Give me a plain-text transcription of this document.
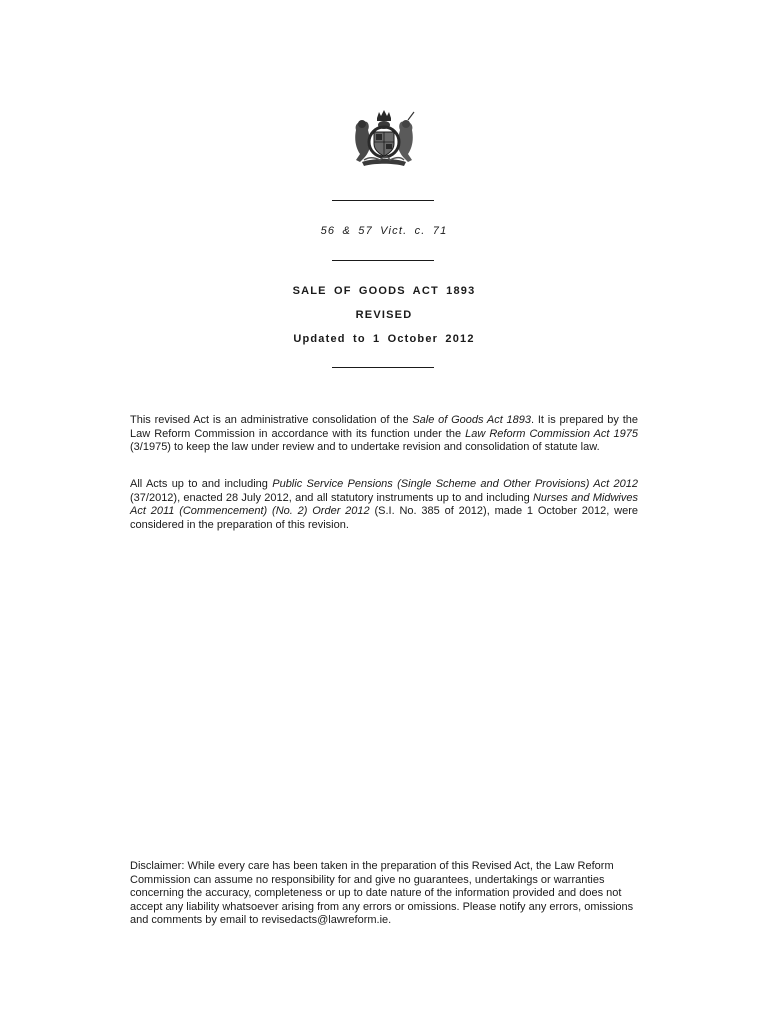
56 & 57 Vict. c. 71
SALE OF GOODS ACT 1893
REVISED
Updated to 1 October 2012

This revised Act is an administrative consolidation of the Sale of Goods Act 1893. It is prepared by the Law Reform Commission in accordance with its function under the Law Reform Commission Act 1975 (3/1975) to keep the law under review and to undertake revision and consolidation of statute law.

All Acts up to and including Public Service Pensions (Single Scheme and Other Provisions) Act 2012 (37/2012), enacted 28 July 2012, and all statutory instruments up to and including Nurses and Midwives Act 2011 (Commencement) (No. 2) Order 2012 (S.I. No. 385 of 2012), made 1 October 2012, were considered in the preparation of this revision.

Disclaimer: While every care has been taken in the preparation of this Revised Act, the Law Reform Commission can assume no responsibility for and give no guarantees, undertakings or warranties concerning the accuracy, completeness or up to date nature of the information provided and does not accept any liability whatsoever arising from any errors or omissions. Please notify any errors, omissions and comments by email to revisedacts@lawreform.ie.
